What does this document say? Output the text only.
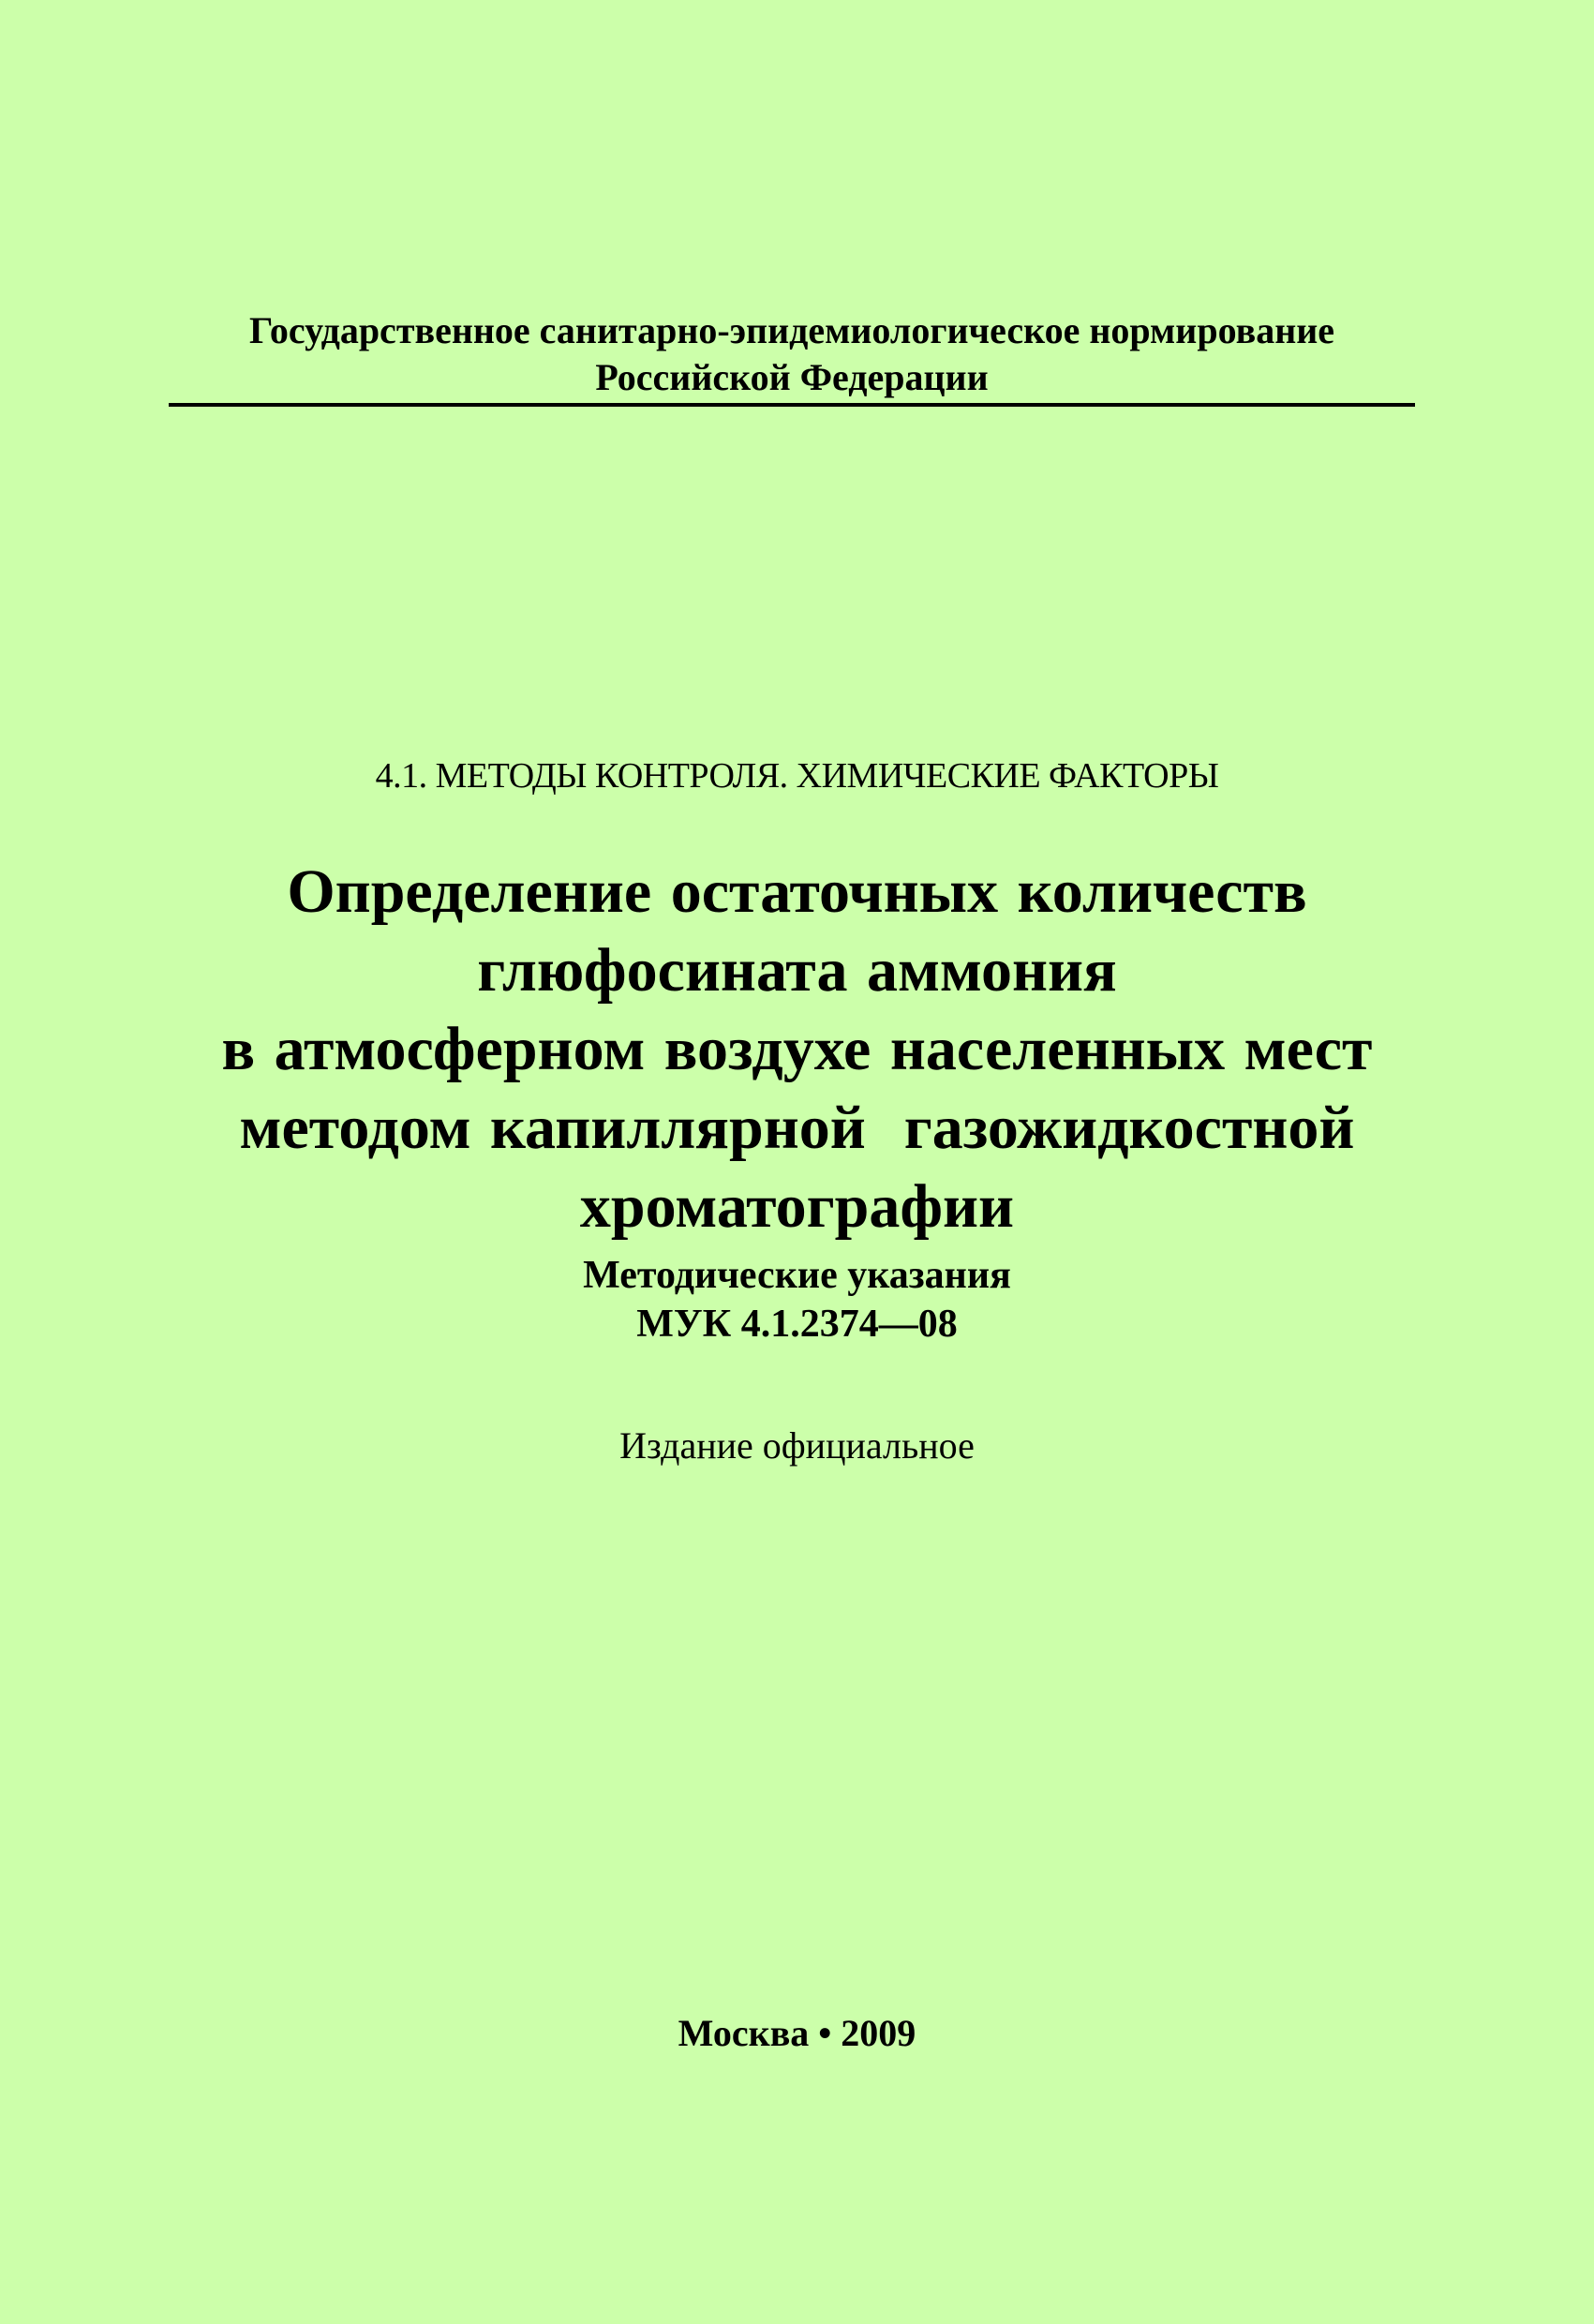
Государственное санитарно-эпидемиологическое нормирование
Российской Федерации
4.1. МЕТОДЫ КОНТРОЛЯ. ХИМИЧЕСКИЕ ФАКТОРЫ
Определение остаточных количеств
глюфосината аммония
в атмосферном воздухе населенных мест
методом капиллярной  газожидкостной
хроматографии
Методические указания
МУК 4.1.2374—08
Издание официальное
Москва • 2009
